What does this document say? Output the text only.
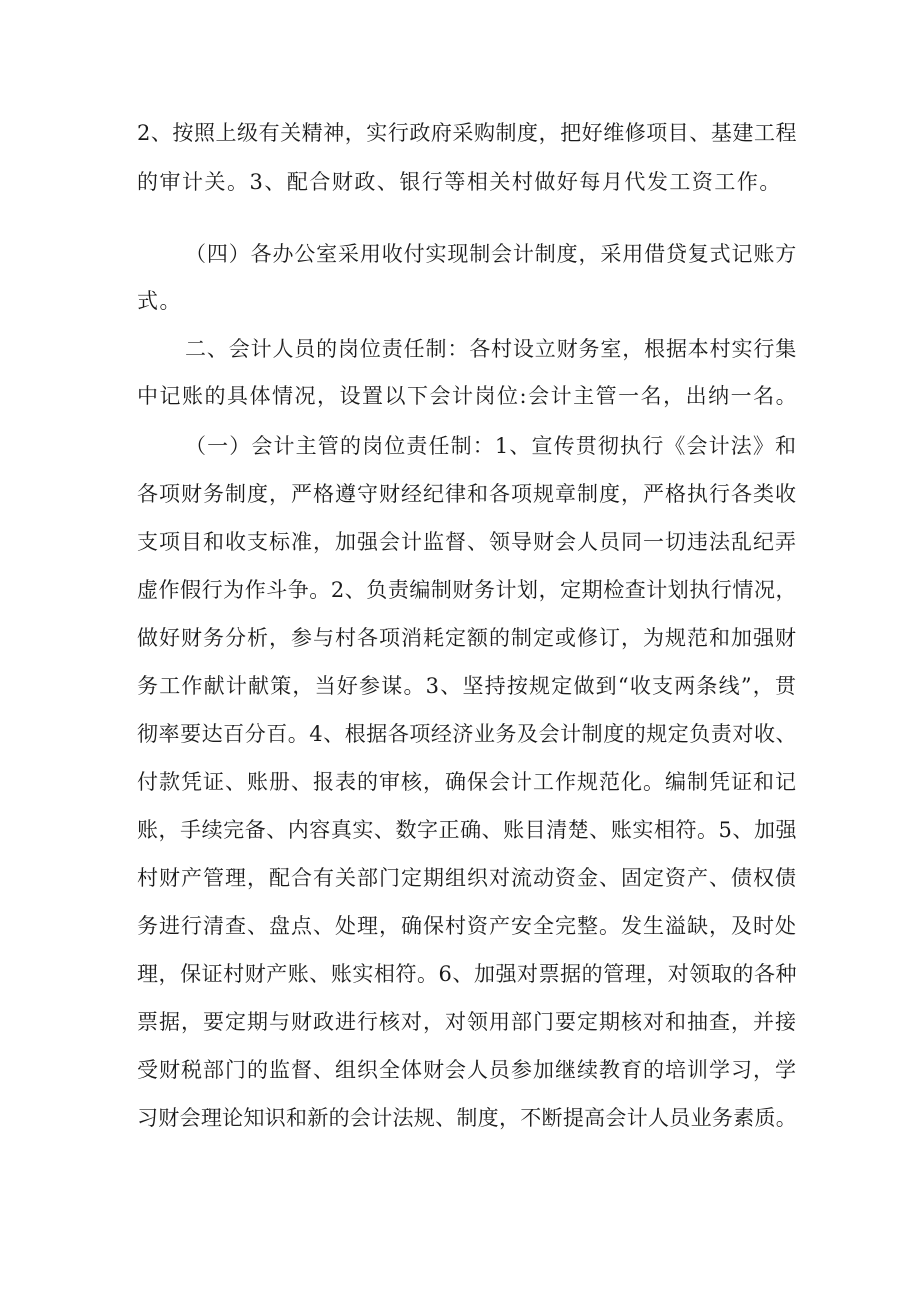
2、按照上级有关精神，实行政府采购制度，把好维修项目、基建工程
的审计关。3、配合财政、银行等相关村做好每月代发工资工作。
（四）各办公室采用收付实现制会计制度，采用借贷复式记账方
式。
二、会计人员的岗位责任制：各村设立财务室，根据本村实行集
中记账的具体情况，设置以下会计岗位:会计主管一名，出纳一名。
（一）会计主管的岗位责任制：1、宣传贯彻执行《会计法》和
各项财务制度，严格遵守财经纪律和各项规章制度，严格执行各类收
支项目和收支标准，加强会计监督、领导财会人员同一切违法乱纪弄
虚作假行为作斗争。2、负责编制财务计划，定期检查计划执行情况，
做好财务分析，参与村各项消耗定额的制定或修订，为规范和加强财
务工作献计献策，当好参谋。3、坚持按规定做到“收支两条线”，贯
彻率要达百分百。4、根据各项经济业务及会计制度的规定负责对收、
付款凭证、账册、报表的审核，确保会计工作规范化。编制凭证和记
账，手续完备、内容真实、数字正确、账目清楚、账实相符。5、加强
村财产管理，配合有关部门定期组织对流动资金、固定资产、债权债
务进行清查、盘点、处理，确保村资产安全完整。发生溢缺，及时处
理，保证村财产账、账实相符。6、加强对票据的管理，对领取的各种
票据，要定期与财政进行核对，对领用部门要定期核对和抽查，并接
受财税部门的监督、组织全体财会人员参加继续教育的培训学习，学
习财会理论知识和新的会计法规、制度，不断提高会计人员业务素质。
